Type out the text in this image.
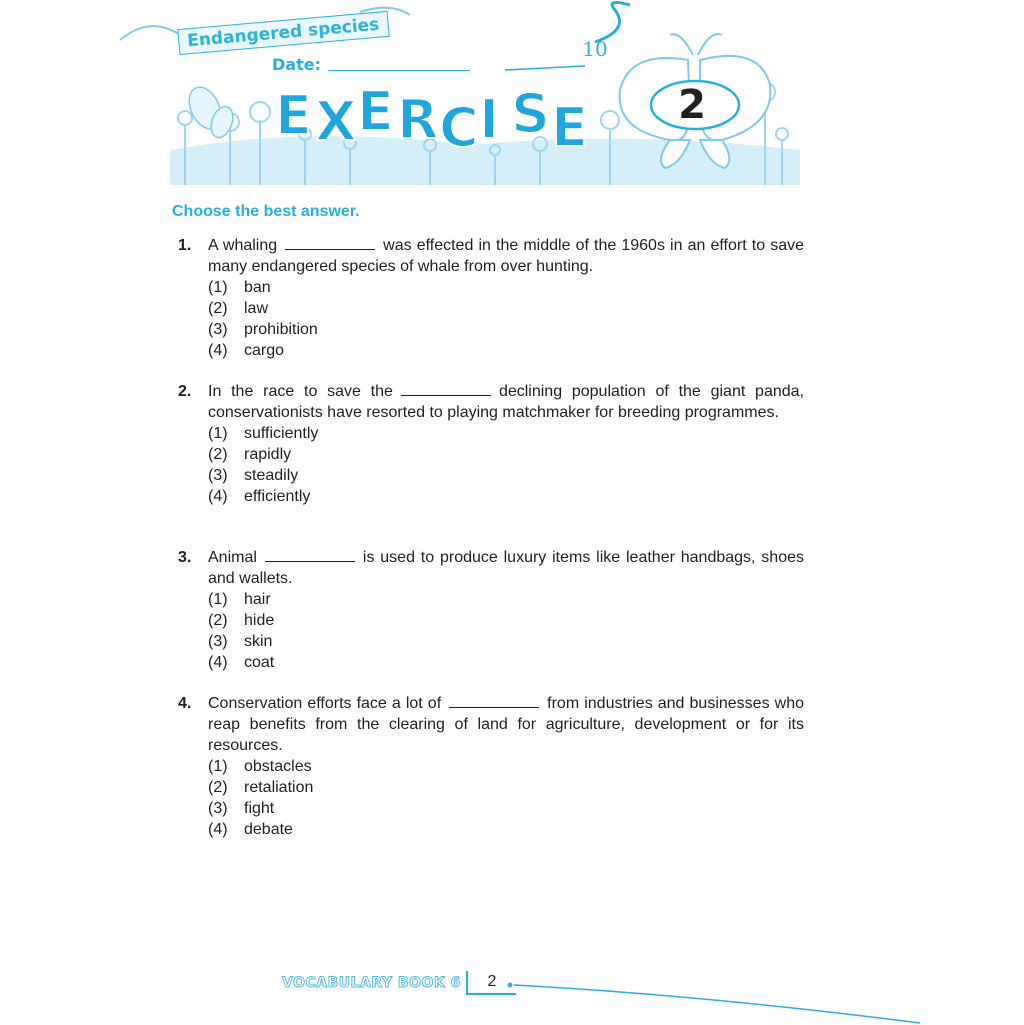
Endangered species
Date:
10
E X E R C I S E 2
Choose the best answer.
1. A whaling	was effected in the middle of the 1960s in an effort to save many endangered species of whale from over hunting.
(1) ban
(2) law
(3) prohibition
(4) cargo
2. In the race to save the	declining population of the giant panda, conservationists have resorted to playing matchmaker for breeding programmes.
(1) sufficiently
(2) rapidly
(3) steadily
(4) efficiently
3. Animal	is used to produce luxury items like leather handbags, shoes and wallets.
(1) hair
(2) hide
(3) skin
(4) coat
4. Conservation efforts face a lot of	from industries and businesses who reap benefits from the clearing of land for agriculture, development or for its resources.
(1) obstacles
(2) retaliation
(3) fight
(4) debate
VOCABULARY BOOK 6	2
